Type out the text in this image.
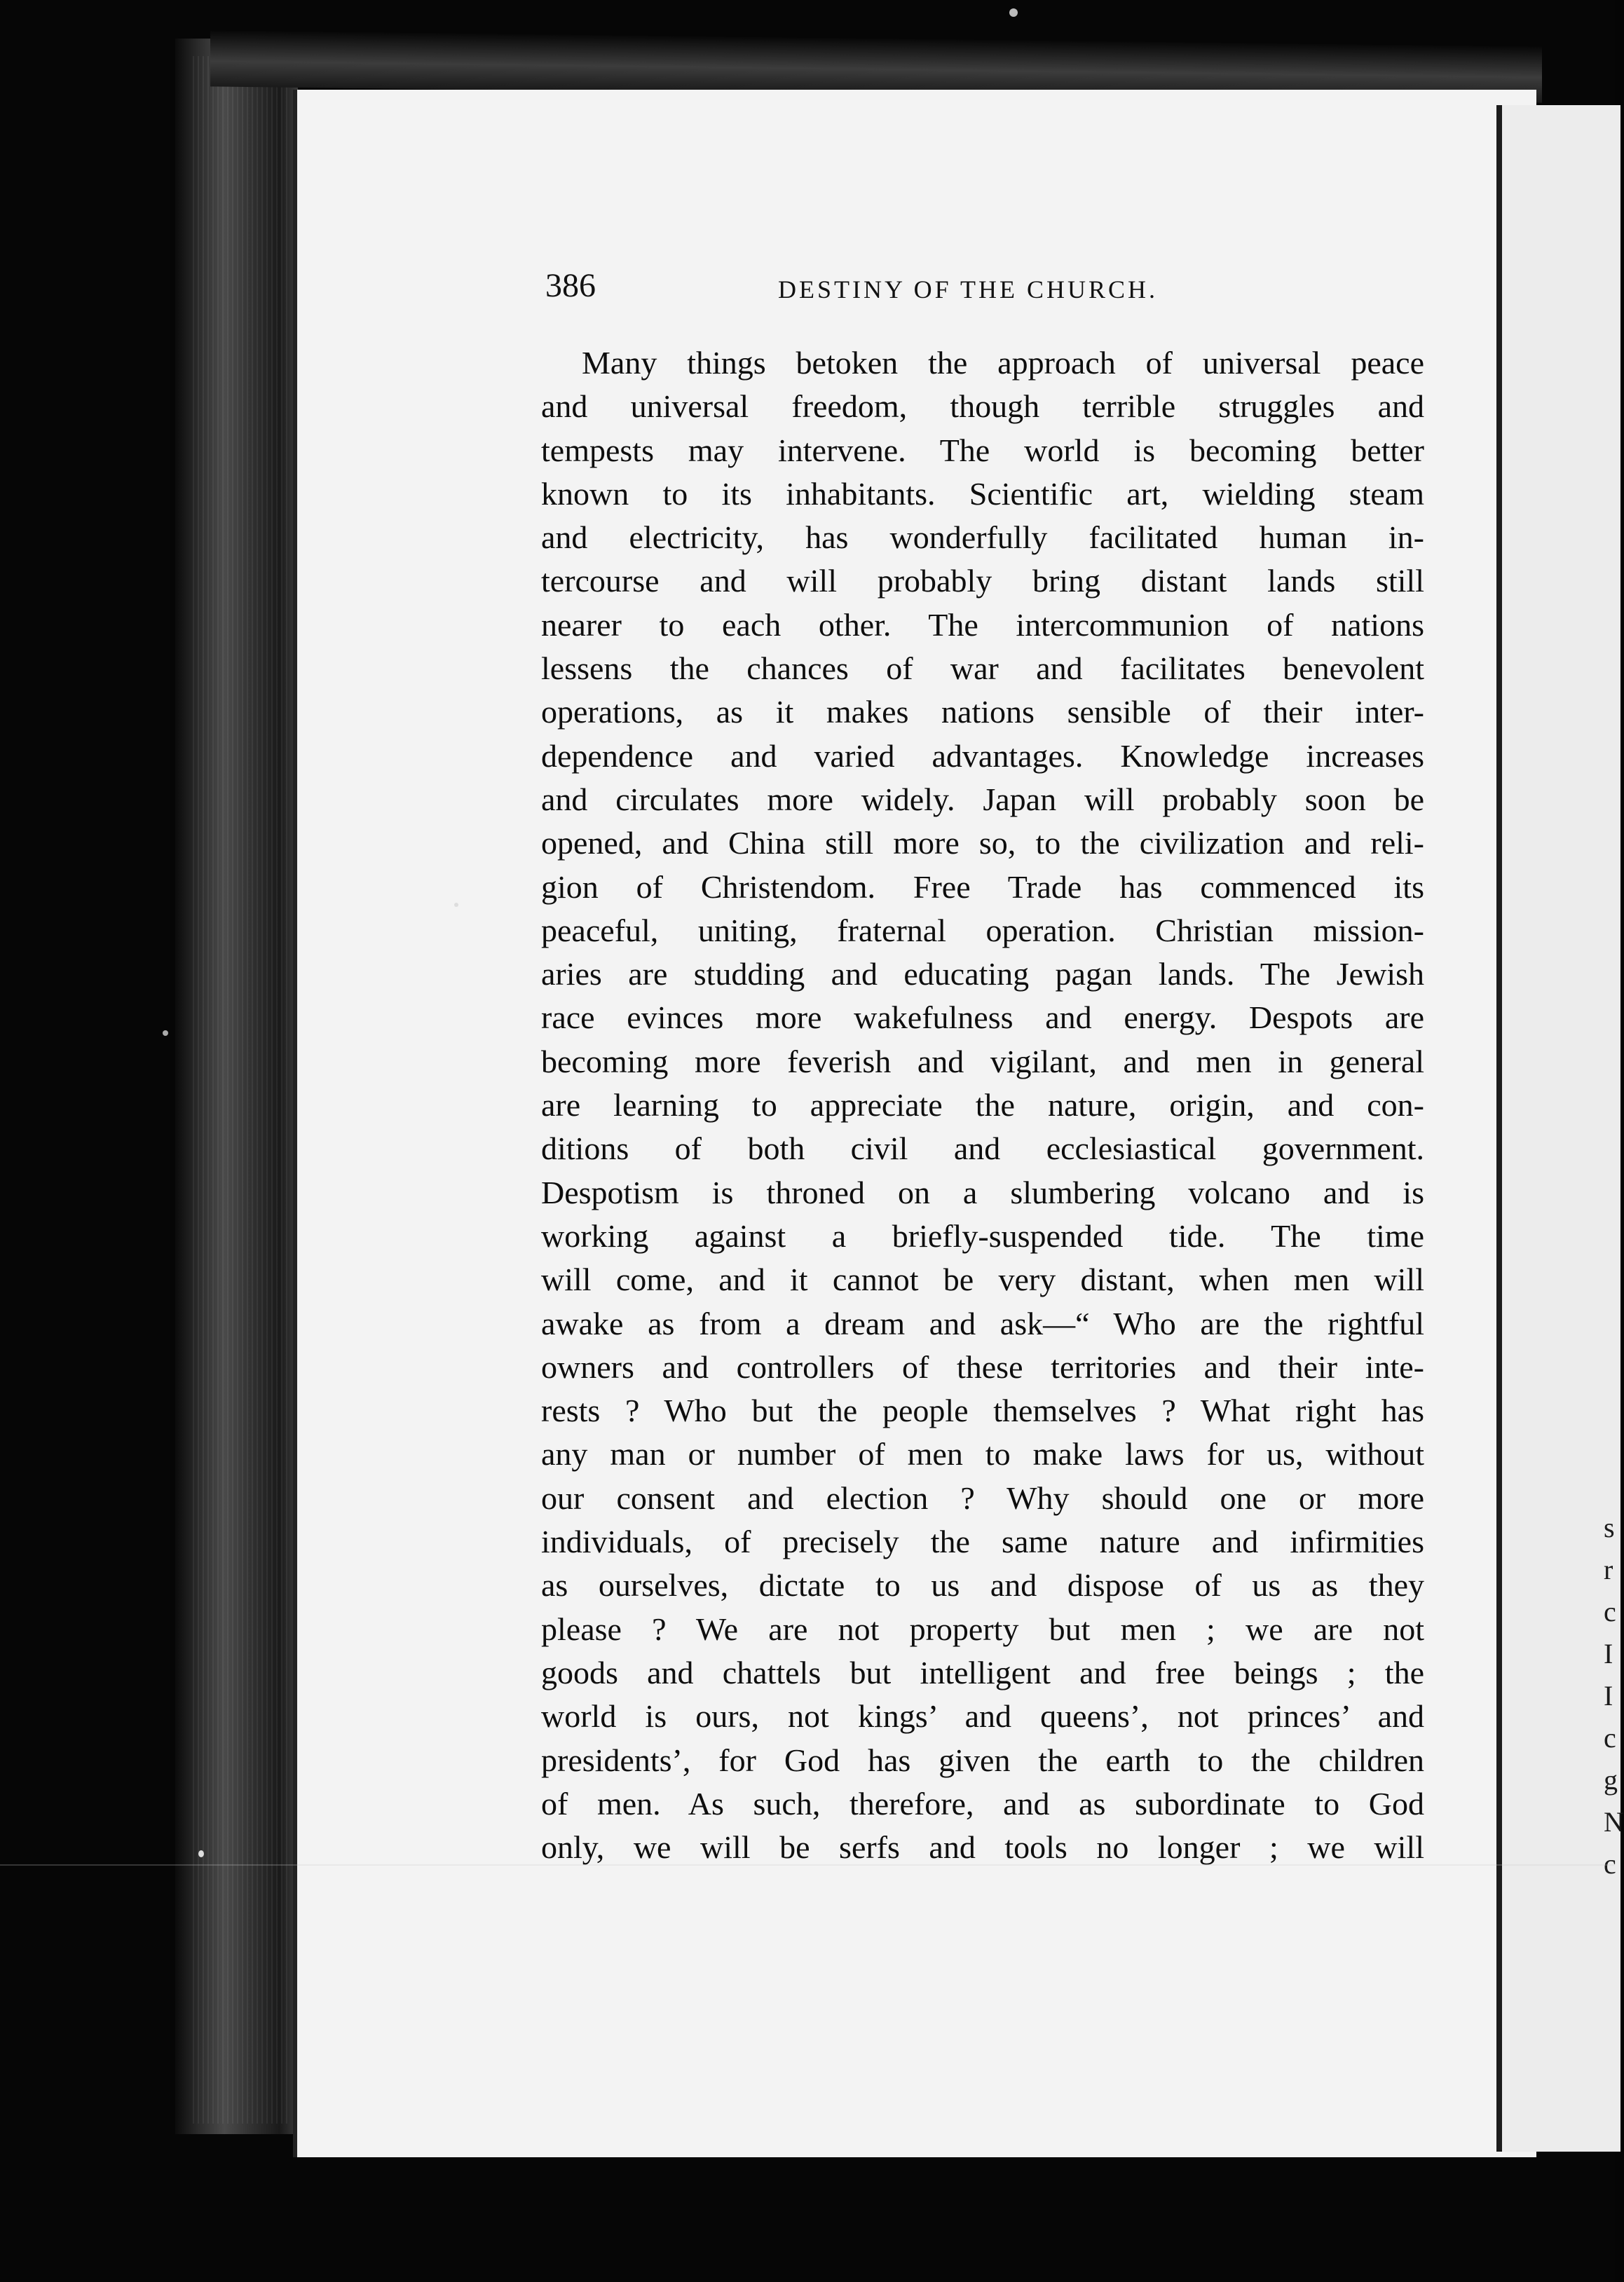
s
r
c
I
I
c
g
N
c
386	DESTINY OF THE CHURCH.
Many things betoken the approach of universal peace
and universal freedom, though terrible struggles and
tempests may intervene. The world is becoming better
known to its inhabitants. Scientific art, wielding steam
and electricity, has wonderfully facilitated human in-
tercourse and will probably bring distant lands still
nearer to each other. The intercommunion of nations
lessens the chances of war and facilitates benevolent
operations, as it makes nations sensible of their inter-
dependence and varied advantages. Knowledge increases
and circulates more widely. Japan will probably soon be
opened, and China still more so, to the civilization and reli-
gion of Christendom. Free Trade has commenced its
peaceful, uniting, fraternal operation. Christian mission-
aries are studding and educating pagan lands. The Jewish
race evinces more wakefulness and energy. Despots are
becoming more feverish and vigilant, and men in general
are learning to appreciate the nature, origin, and con-
ditions of both civil and ecclesiastical government.
Despotism is throned on a slumbering volcano and is
working against a briefly-suspended tide. The time
will come, and it cannot be very distant, when men will
awake as from a dream and ask—“ Who are the rightful
owners and controllers of these territories and their inte-
rests ? Who but the people themselves ? What right has
any man or number of men to make laws for us, without
our consent and election ? Why should one or more
individuals, of precisely the same nature and infirmities
as ourselves, dictate to us and dispose of us as they
please ? We are not property but men ; we are not
goods and chattels but intelligent and free beings ; the
world is ours, not kings’ and queens’, not princes’ and
presidents’, for God has given the earth to the children
of men. As such, therefore, and as subordinate to God
only, we will be serfs and tools no longer ; we will
